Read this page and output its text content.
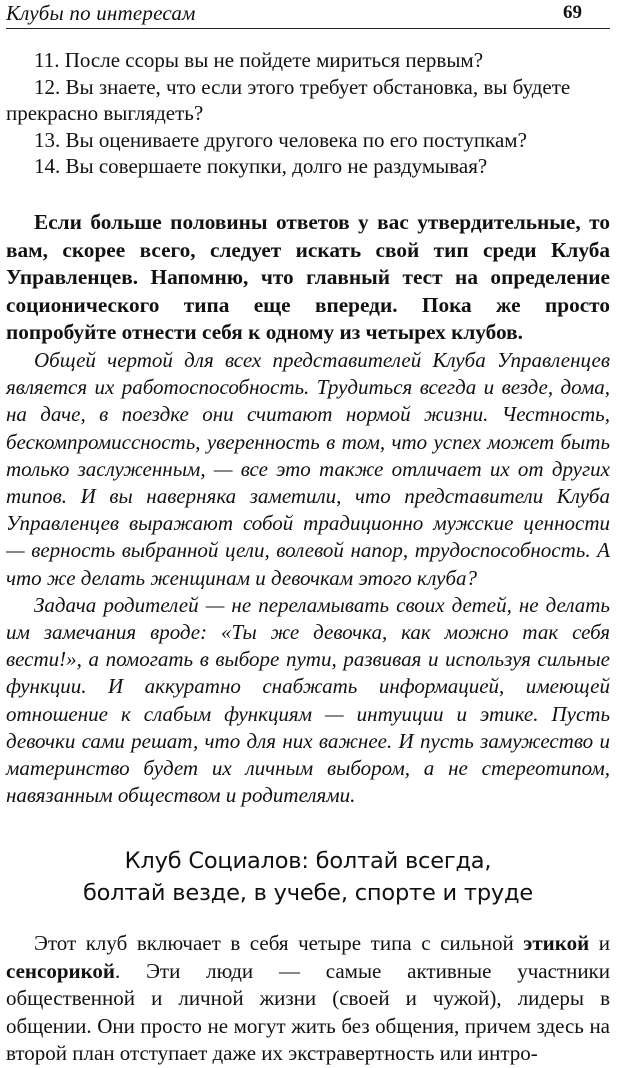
Клубы по интересам	69

11. После ссоры вы не пойдете мириться первым?

12. Вы знаете, что если этого требует обстановка, вы будете прекрасно выглядеть?

13. Вы оцениваете другого человека по его поступкам?

14. Вы совершаете покупки, долго не раздумывая?

Если больше половины ответов у вас утвердительные, то вам, скорее всего, следует искать свой тип среди Клуба Управленцев. Напомню, что главный тест на определение соционического типа еще впереди. Пока же просто попробуйте отнести себя к одному из четырех клубов.

Общей чертой для всех представителей Клуба Управленцев является их работоспособность. Трудиться всегда и везде, дома, на даче, в поездке они считают нормой жизни. Честность, бескомпромиссность, уверенность в том, что успех может быть только заслуженным, — все это также отличает их от других типов. И вы наверняка заметили, что представители Клуба Управленцев выражают собой традиционно мужские ценности — верность выбранной цели, волевой напор, трудоспособность. А что же делать женщинам и девочкам этого клуба?

Задача родителей — не переламывать своих детей, не делать им замечания вроде: «Ты же девочка, как можно так себя вести!», а помогать в выборе пути, развивая и используя сильные функции. И аккуратно снабжать информацией, имеющей отношение к слабым функциям — интуиции и этике. Пусть девочки сами решат, что для них важнее. И пусть замужество и материнство будет их личным выбором, а не стереотипом, навязанным обществом и родителями.

Клуб Социалов: болтай всегда,

болтай везде, в учебе, спорте и труде

Этот клуб включает в себя четыре типа с сильной этикой и сенсорикой. Эти люди — самые активные участники общественной и личной жизни (своей и чужой), лидеры в общении. Они просто не могут жить без общения, причем здесь на второй план отступает даже их экстравертность или интро-
